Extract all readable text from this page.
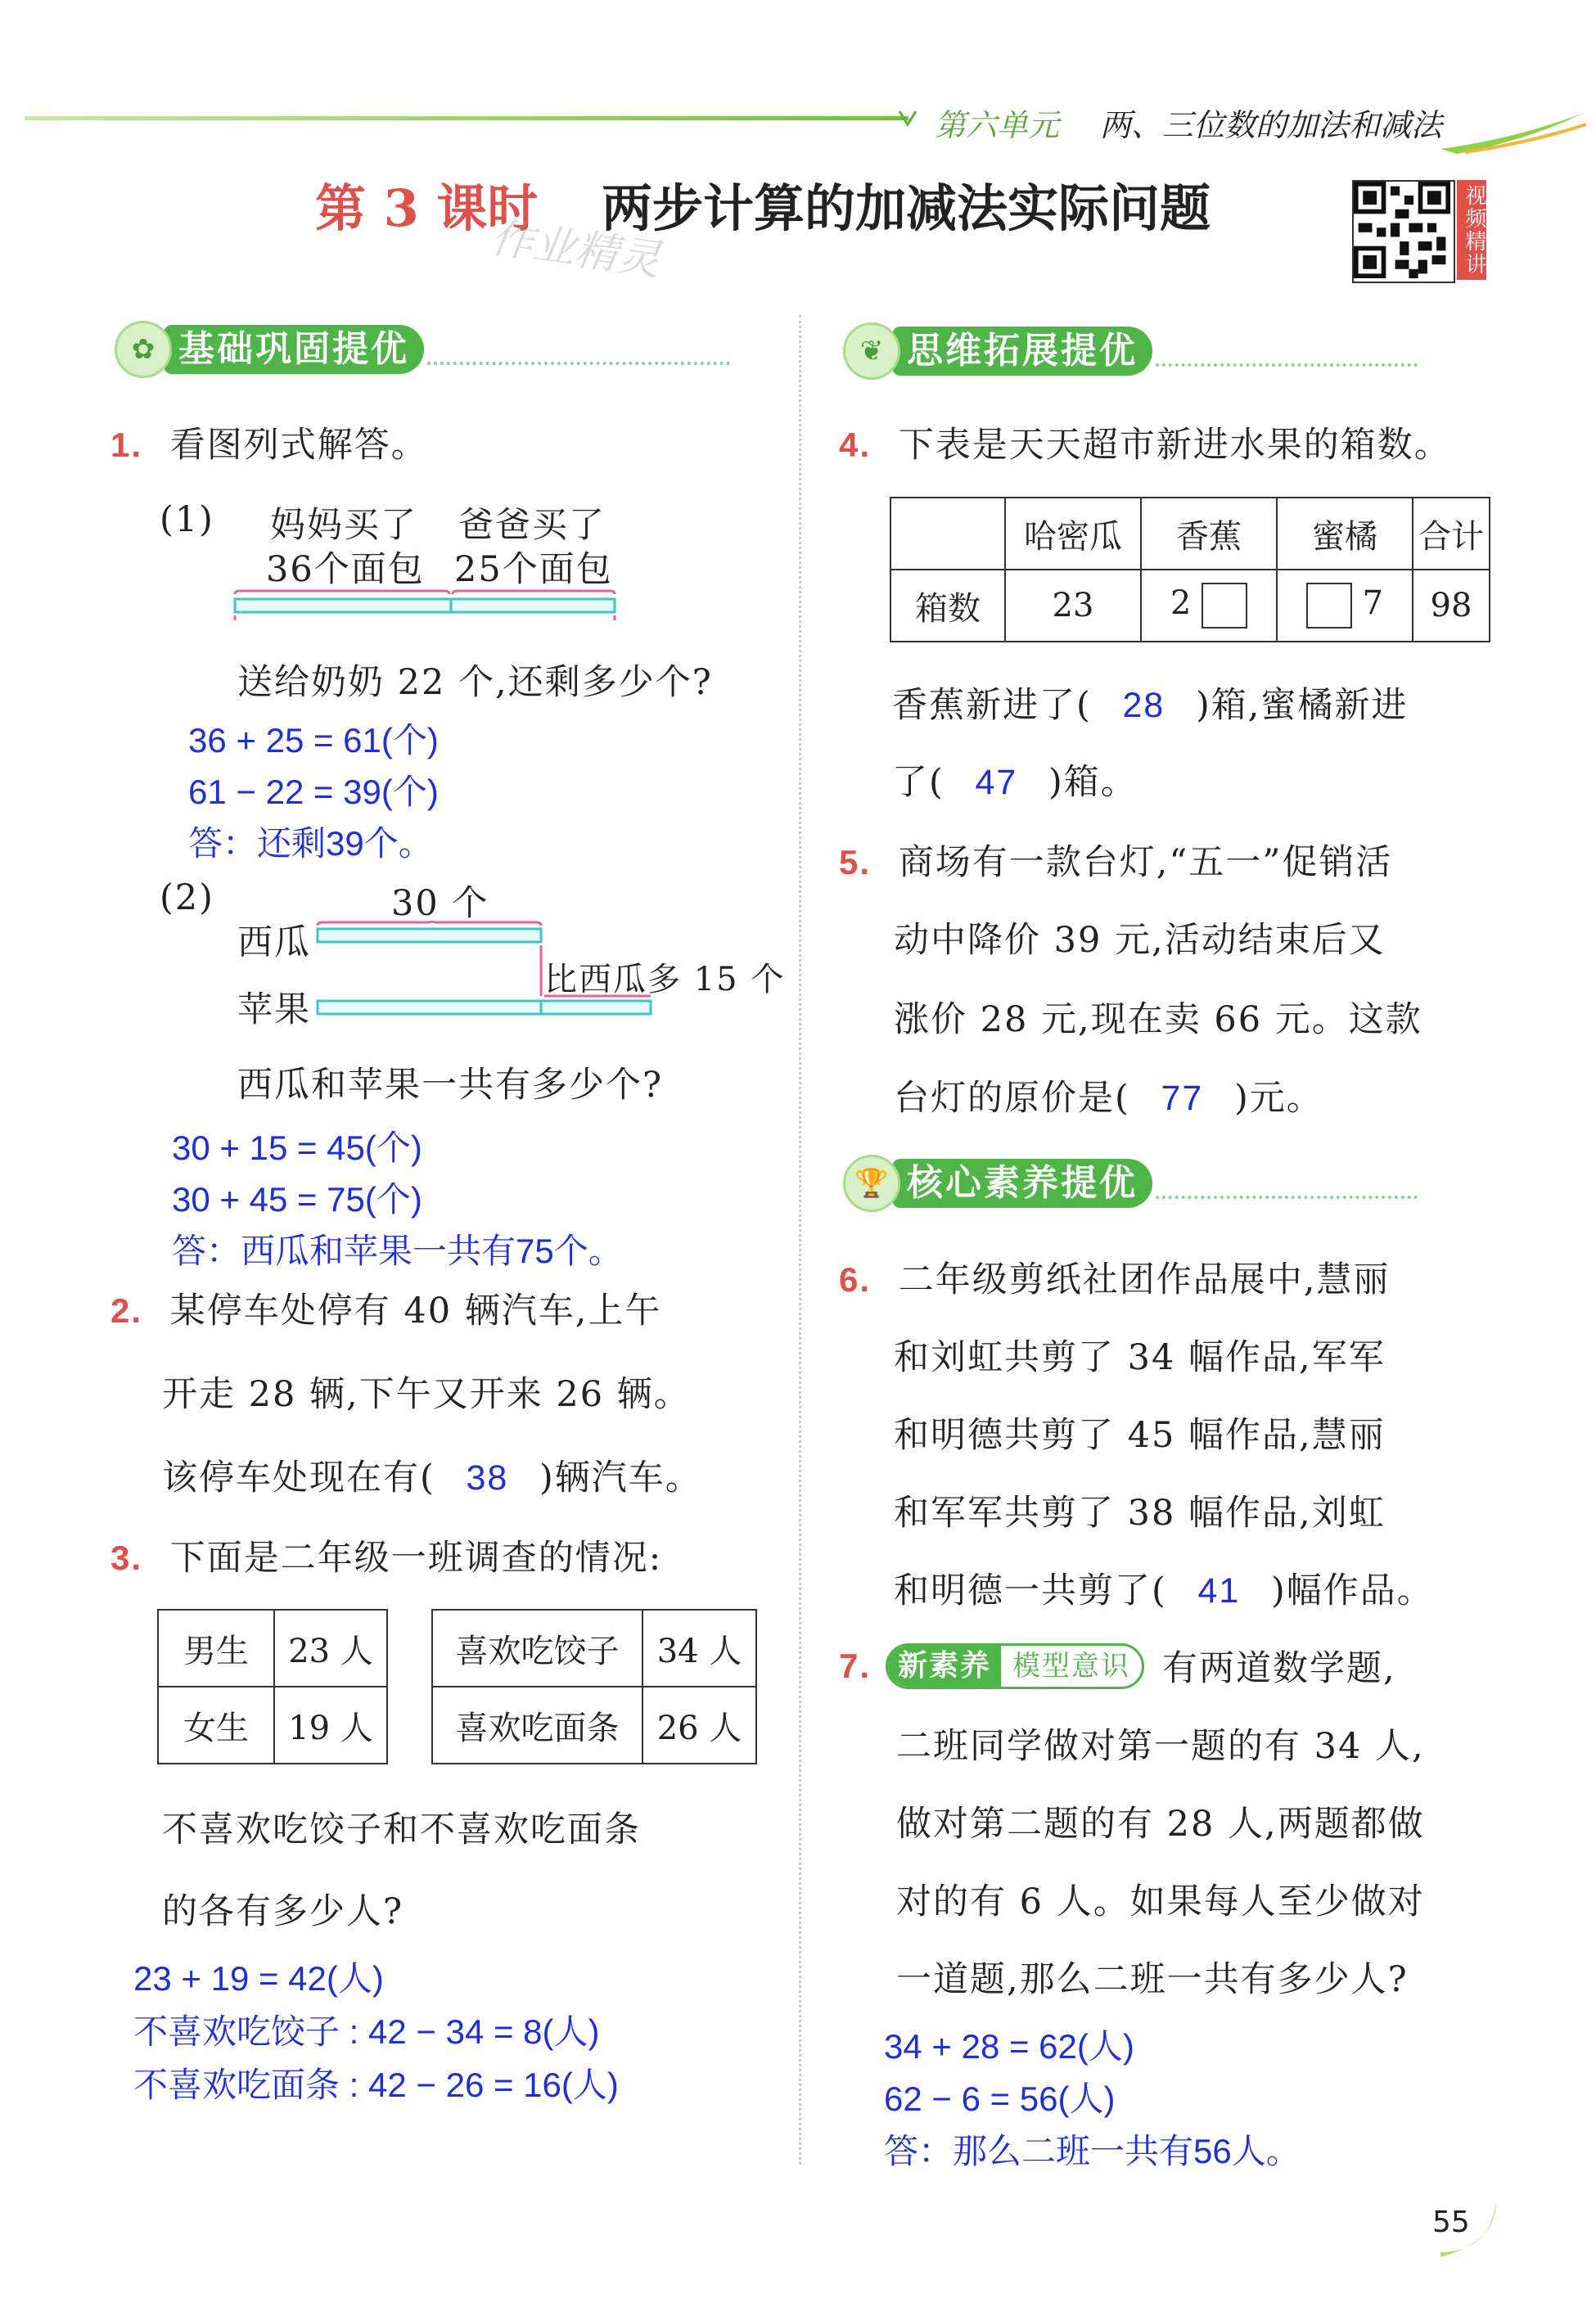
第六单元 两、三位数的加法和减法
第 3 课时 两步计算的加减法实际问题
作业精灵	视频精讲
✿ 基础巩固提优
1. 看图列式解答。
(1) 妈妈买了
36个面包
爸爸买了
25个面包
送给奶奶 22 个,还剩多少个?
36 + 25 = 61(个)
61 − 22 = 39(个)
答：还剩39个。
(2)	30 个
西瓜
苹果
比西瓜多 15 个
西瓜和苹果一共有多少个?
30 + 15 = 45(个)
30 + 45 = 75(个)
答：西瓜和苹果一共有75个。
2. 某停车处停有 40 辆汽车,上午
开走 28 辆,下午又开来 26 辆。
该停车处现在有( 38 )辆汽车。
3. 下面是二年级一班调查的情况:
男生	23 人
女生	19 人
喜欢吃饺子	34 人
喜欢吃面条	26 人
不喜欢吃饺子和不喜欢吃面条
的各有多少人?
23 + 19 = 42(人)
不喜欢吃饺子 : 42 − 34 = 8(人)
不喜欢吃面条 : 42 − 26 = 16(人)
❦ 思维拓展提优
4. 下表是天天超市新进水果的箱数。
	哈密瓜	香蕉	蜜橘	合计
箱数	23	2	7	98
香蕉新进了( 28 )箱,蜜橘新进
了( 47 )箱。
5. 商场有一款台灯,“五一”促销活
动中降价 39 元,活动结束后又
涨价 28 元,现在卖 66 元。这款
台灯的原价是( 77 )元。
🏆 核心素养提优
6. 二年级剪纸社团作品展中,慧丽
和刘虹共剪了 34 幅作品,军军
和明德共剪了 45 幅作品,慧丽
和军军共剪了 38 幅作品,刘虹
和明德一共剪了( 41 )幅作品。
7. 新素养 模型意识 有两道数学题,
二班同学做对第一题的有 34 人,
做对第二题的有 28 人,两题都做
对的有 6 人。如果每人至少做对
一道题,那么二班一共有多少人?
34 + 28 = 62(人)
62 − 6 = 56(人)
答：那么二班一共有56人。
55
